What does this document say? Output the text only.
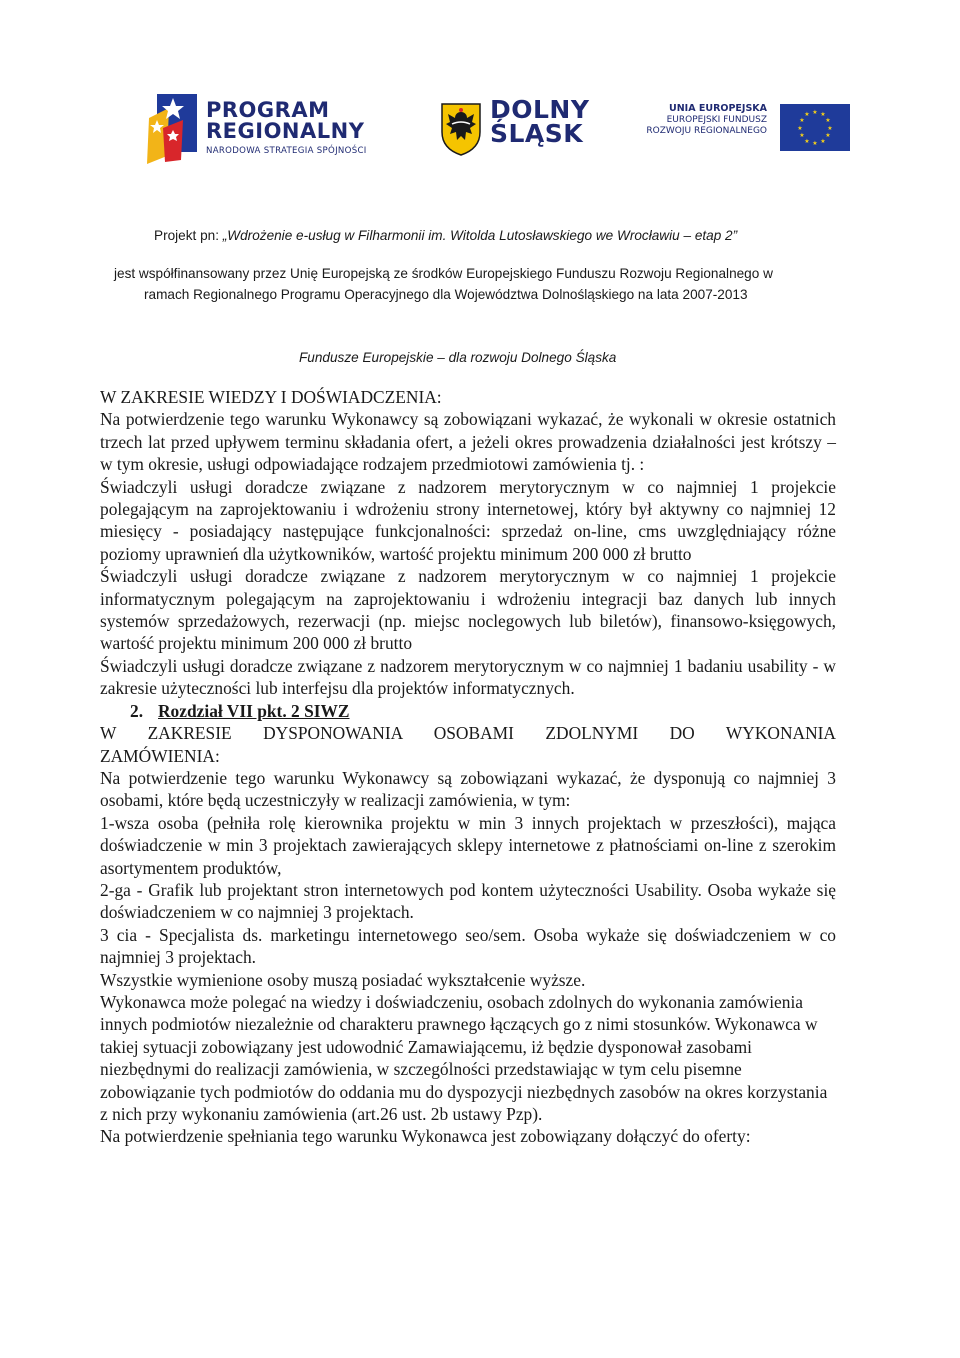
PROGRAM
REGIONALNY
NARODOWA STRATEGIA SPÓJNOŚCI
DOLNY
ŚLĄSK
UNIA EUROPEJSKA
EUROPEJSKI FUNDUSZ
ROZWOJU REGIONALNEGO
★ ★
★
★
★
★
★
★
★
★
★
★
Projekt pn: „Wdrożenie e-usług w Filharmonii im. Witolda Lutosławskiego we Wrocławiu – etap 2”
jest współfinansowany przez Unię Europejską ze środków Europejskiego Funduszu Rozwoju Regionalnego w
ramach Regionalnego Programu Operacyjnego dla Województwa Dolnośląskiego na lata 2007-2013
Fundusze Europejskie – dla rozwoju Dolnego Śląska

W ZAKRESIE WIEDZY I DOŚWIADCZENIA:

Na potwierdzenie tego warunku Wykonawcy są zobowiązani wykazać, że wykonali w okresie ostatnich trzech lat przed upływem terminu składania ofert, a jeżeli okres prowadzenia działalności jest krótszy – w tym okresie, usługi odpowiadające rodzajem przedmiotowi zamówienia tj. :

Świadczyli usługi doradcze związane z nadzorem merytorycznym w co najmniej 1 projekcie polegającym na zaprojektowaniu i wdrożeniu strony internetowej, który był aktywny co najmniej 12 miesięcy - posiadający następujące funkcjonalności: sprzedaż on-line, cms uwzględniający różne poziomy uprawnień dla użytkowników, wartość projektu minimum 200 000 zł brutto

Świadczyli usługi doradcze związane z nadzorem merytorycznym w co najmniej 1 projekcie informatycznym polegającym na zaprojektowaniu i wdrożeniu integracji baz danych lub innych systemów sprzedażowych, rezerwacji (np. miejsc noclegowych lub biletów), finansowo-księgowych, wartość projektu minimum 200 000 zł brutto

Świadczyli usługi doradcze związane z nadzorem merytorycznym w co najmniej 1 badaniu usability - w zakresie użyteczności lub interfejsu dla projektów informatycznych.

2. Rozdział VII pkt. 2 SIWZ

W ZAKRESIE DYSPONOWANIA OSOBAMI ZDOLNYMI DO WYKONANIA

ZAMÓWIENIA:

Na potwierdzenie tego warunku Wykonawcy są zobowiązani wykazać, że dysponują co najmniej 3 osobami, które będą uczestniczyły w realizacji zamówienia, w tym:

1-wsza osoba (pełniła rolę kierownika projektu w min 3 innych projektach w przeszłości), mająca doświadczenie w min 3 projektach zawierających sklepy internetowe z płatnościami on-line z szerokim asortymentem produktów,

2-ga - Grafik lub projektant stron internetowych pod kontem użyteczności Usability. Osoba wykaże się doświadczeniem w co najmniej 3 projektach.

3 cia - Specjalista ds. marketingu internetowego seo/sem. Osoba wykaże się doświadczeniem w co najmniej 3 projektach.

Wszystkie wymienione osoby muszą posiadać wykształcenie wyższe.

Wykonawca może polegać na wiedzy i doświadczeniu, osobach zdolnych do wykonania zamówienia innych podmiotów niezależnie od charakteru prawnego łączących go z nimi stosunków. Wykonawca w takiej sytuacji zobowiązany jest udowodnić Zamawiającemu, iż będzie dysponował zasobami niezbędnymi do realizacji zamówienia, w szczególności przedstawiając w tym celu pisemne zobowiązanie tych podmiotów do oddania mu do dyspozycji niezbędnych zasobów na okres korzystania z nich przy wykonaniu zamówienia (art.26 ust. 2b ustawy Pzp).

Na potwierdzenie spełniania tego warunku Wykonawca jest zobowiązany dołączyć do oferty:
